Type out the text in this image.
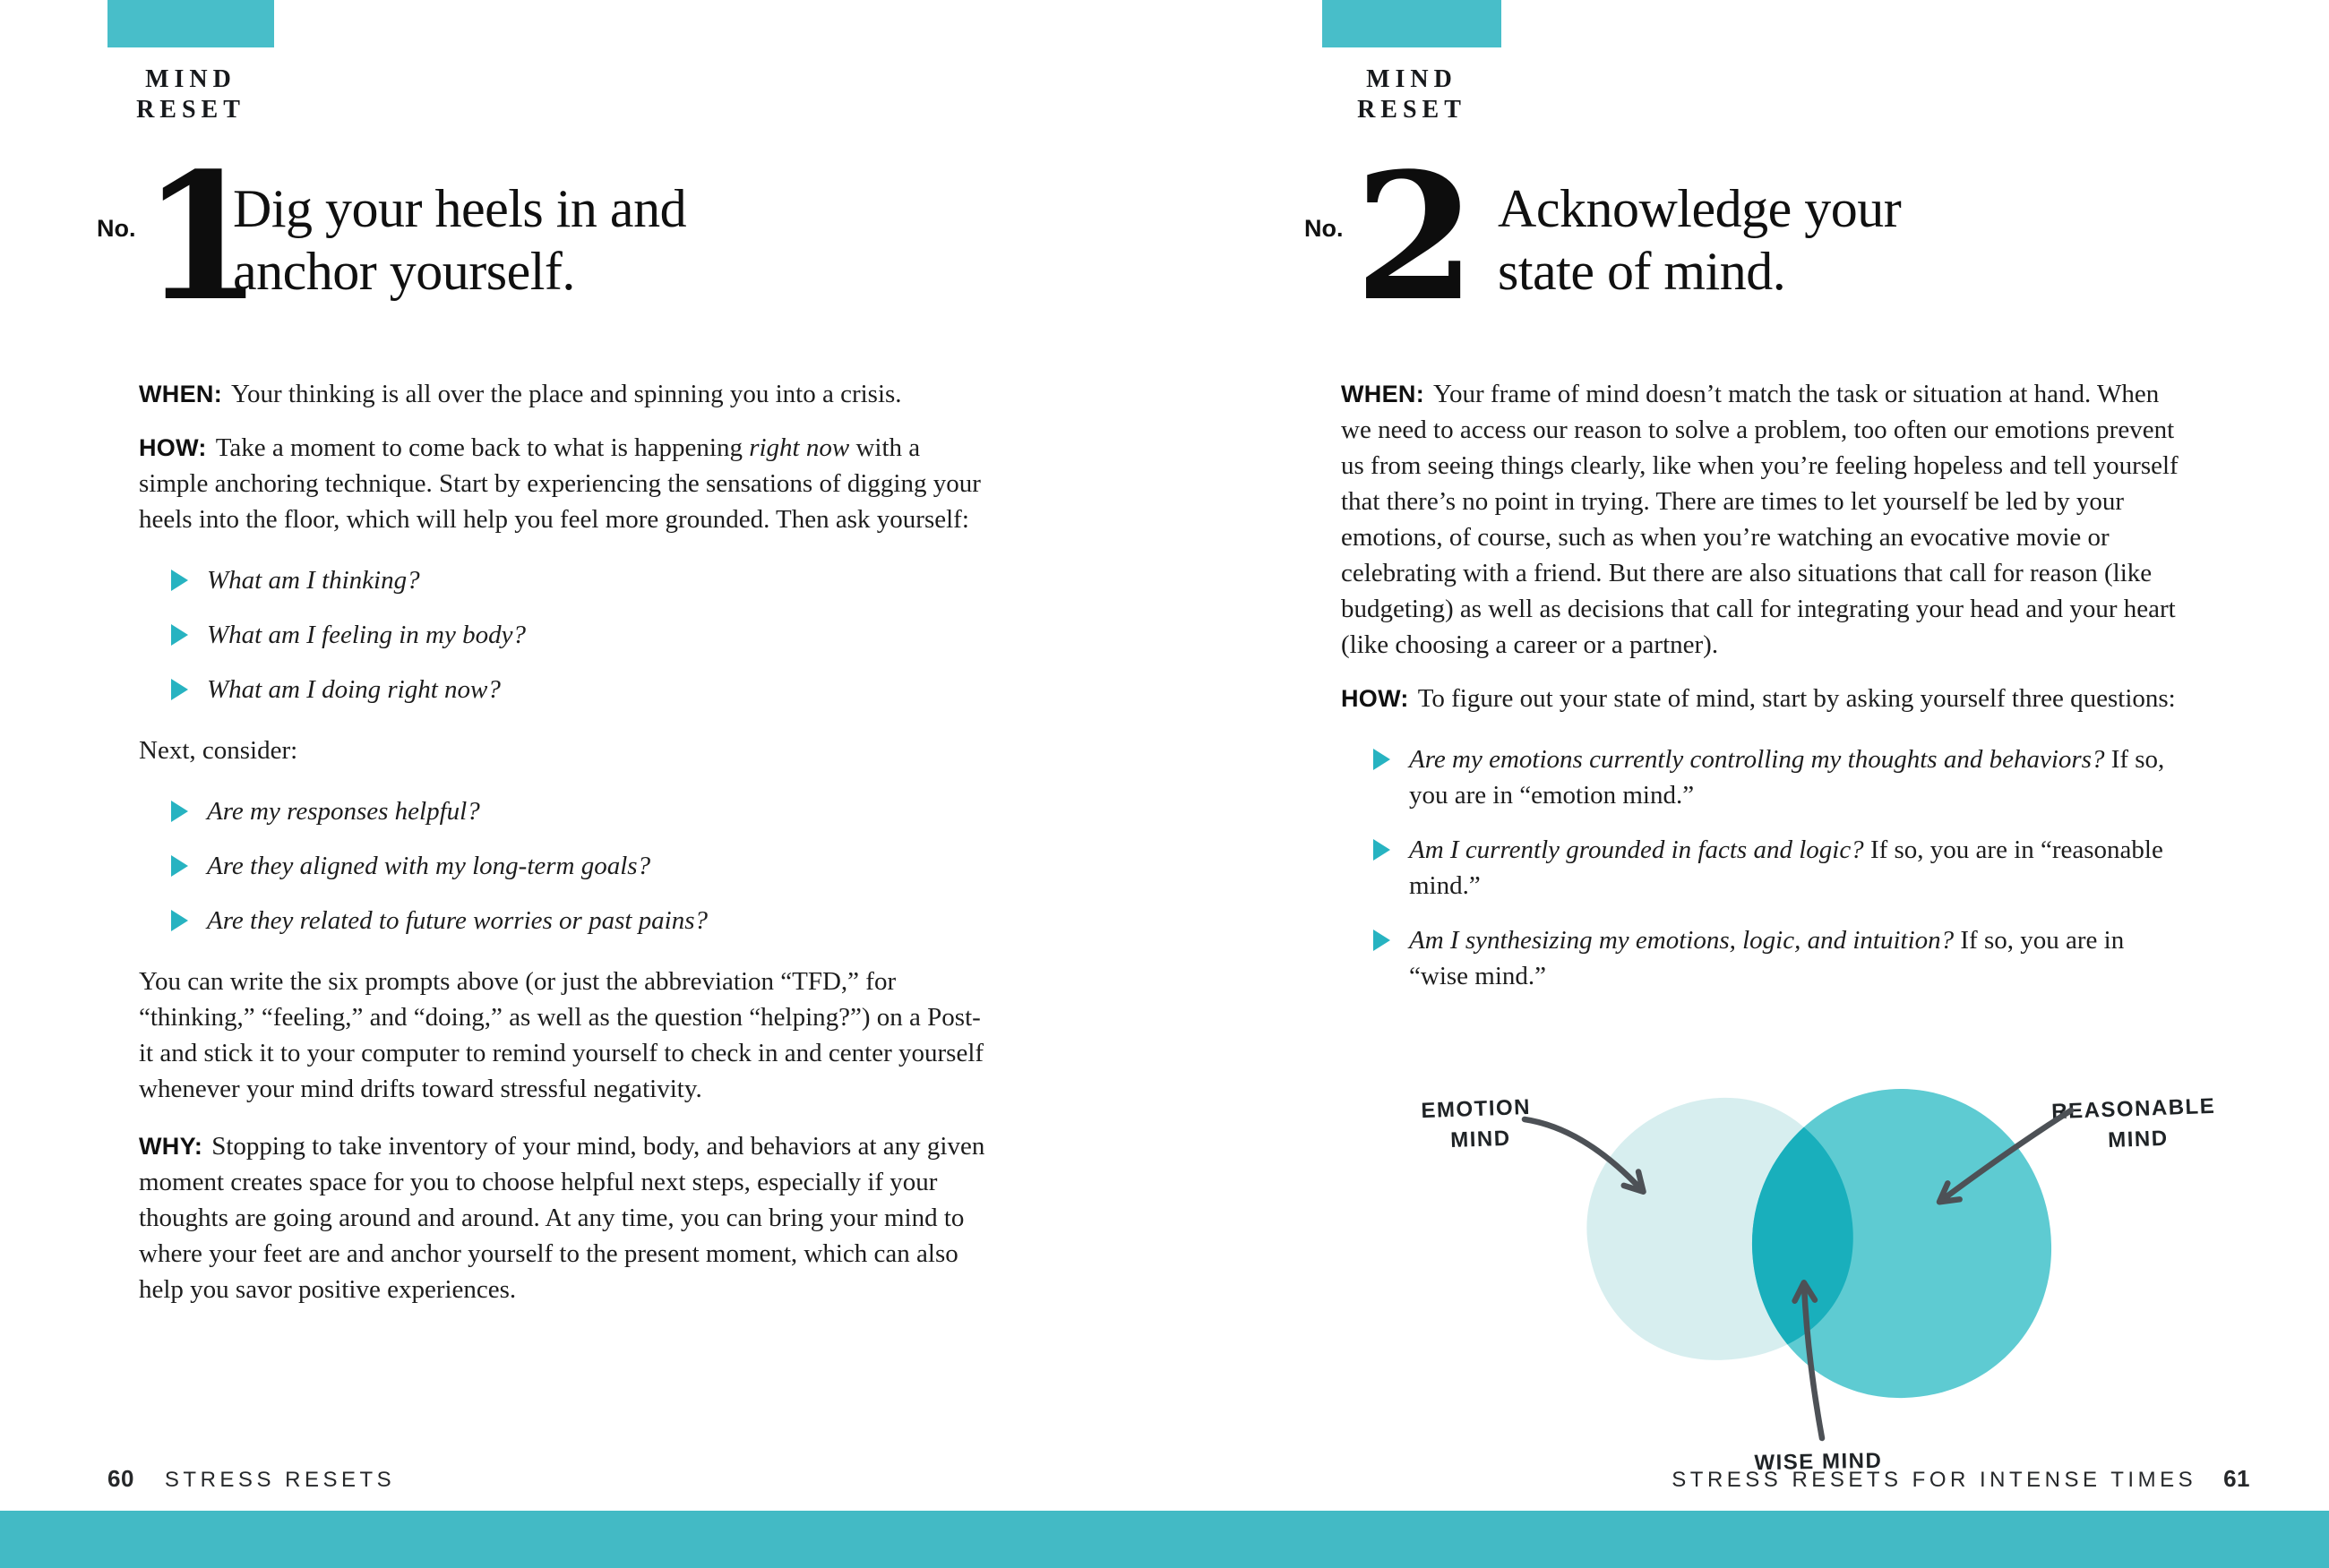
MIND
RESET
No. 1
Dig your heels in and
anchor yourself.

WHEN: Your thinking is all over the place and spinning you into a crisis.

HOW: Take a moment to come back to what is happening right now with a simple anchoring technique. Start by experiencing the sensations of digging your heels into the floor, which will help you feel more grounded. Then ask yourself:

What am I thinking?
What am I feeling in my body?
What am I doing right now?

Next, consider:

Are my responses helpful?
Are they aligned with my long-term goals?
Are they related to future worries or past pains?

You can write the six prompts above (or just the abbreviation “TFD,” for “thinking,” “feeling,” and “doing,” as well as the question “helping?”) on a Post-it and stick it to your computer to remind yourself to check in and center yourself whenever your mind drifts toward stressful negativity.

WHY: Stopping to take inventory of your mind, body, and behaviors at any given moment creates space for you to choose helpful next steps, especially if your thoughts are going around and around. At any time, you can bring your mind to where your feet are and anchor yourself to the present moment, which can also help you savor positive experiences.

60 STRESS RESETS
MIND
RESET
No. 2 Acknowledge your
state of mind.

WHEN: Your frame of mind doesn’t match the task or situation at hand. When we need to access our reason to solve a problem, too often our emotions prevent us from seeing things clearly, like when you’re feeling hopeless and tell yourself that there’s no point in trying. There are times to let yourself be led by your emotions, of course, such as when you’re watching an evocative movie or celebrating with a friend. But there are also situations that call for reason (like budgeting) as well as decisions that call for integrating your head and your heart (like choosing a career or a partner).

HOW: To figure out your state of mind, start by asking yourself three questions:

Are my emotions currently controlling my thoughts and behaviors? If so, you are in “emotion mind.”
Am I currently grounded in facts and logic? If so, you are in “reasonable mind.”
Am I synthesizing my emotions, logic, and intuition? If so, you are in “wise mind.”
EMOTION
MIND
REASONABLE
MIND
WISE MIND
STRESS RESETS FOR INTENSE TIMES 61
